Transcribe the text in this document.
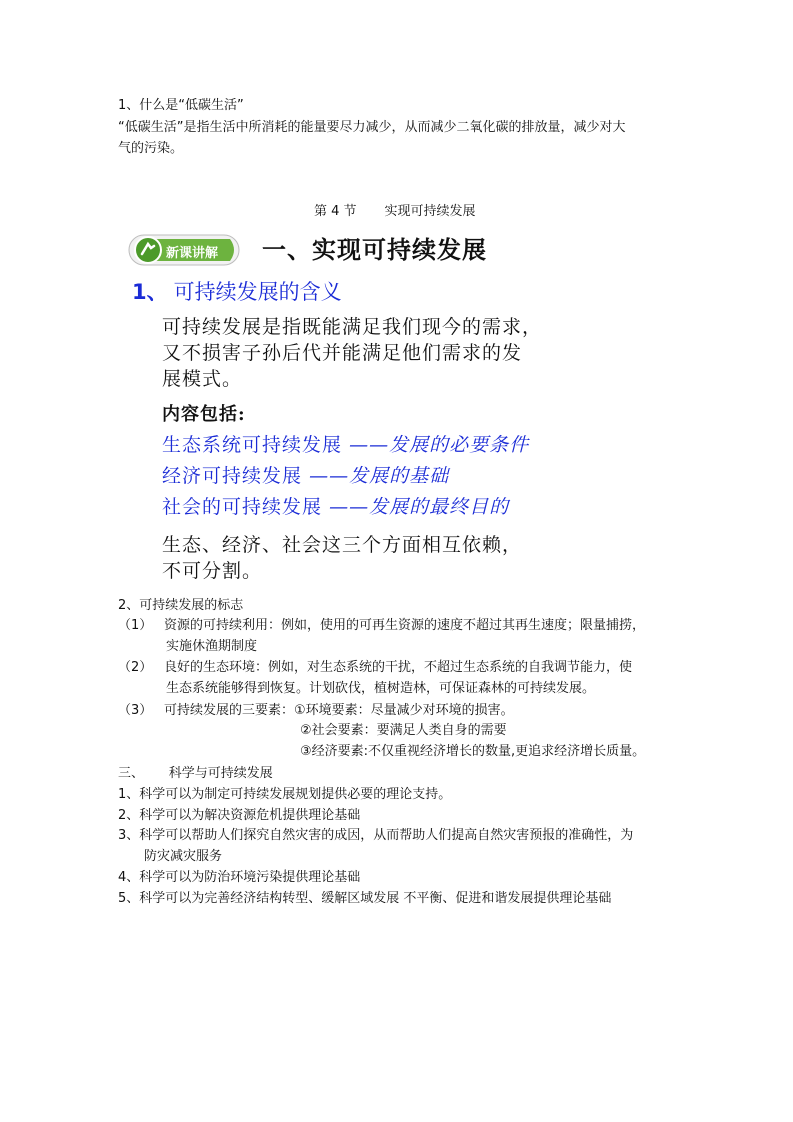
1、什么是“低碳生活”
“低碳生活”是指生活中所消耗的能量要尽力减少，从而减少二氧化碳的排放量，减少对大
气的污染。
第 4 节 实现可持续发展
新课讲解 一、实现可持续发展
1、 可持续发展的含义
可持续发展是指既能满足我们现今的需求，
又不损害子孙后代并能满足他们需求的发
展模式。
内容包括:
生态系统可持续发展 ——发展的必要条件
经济可持续发展 ——发展的基础
社会的可持续发展 ——发展的最终目的
生态、经济、社会这三个方面相互依赖，
不可分割。
2、可持续发展的标志
（1） 资源的可持续利用：例如，使用的可再生资源的速度不超过其再生速度；限量捕捞，
实施休渔期制度
（2） 良好的生态环境：例如，对生态系统的干扰，不超过生态系统的自我调节能力，使
生态系统能够得到恢复。计划砍伐，植树造林，可保证森林的可持续发展。
（3） 可持续发展的三要素：①环境要素：尽量减少对环境的损害。
②社会要素：要满足人类自身的需要
③经济要素:不仅重视经济增长的数量,更追求经济增长质量。
三、      科学与可持续发展
1、科学可以为制定可持续发展规划提供必要的理论支持。
2、科学可以为解决资源危机提供理论基础
3、科学可以帮助人们探究自然灾害的成因，从而帮助人们提高自然灾害预报的准确性，为
防灾减灾服务
4、科学可以为防治环境污染提供理论基础
5、科学可以为完善经济结构转型、缓解区域发展 不平衡、促进和谐发展提供理论基础
